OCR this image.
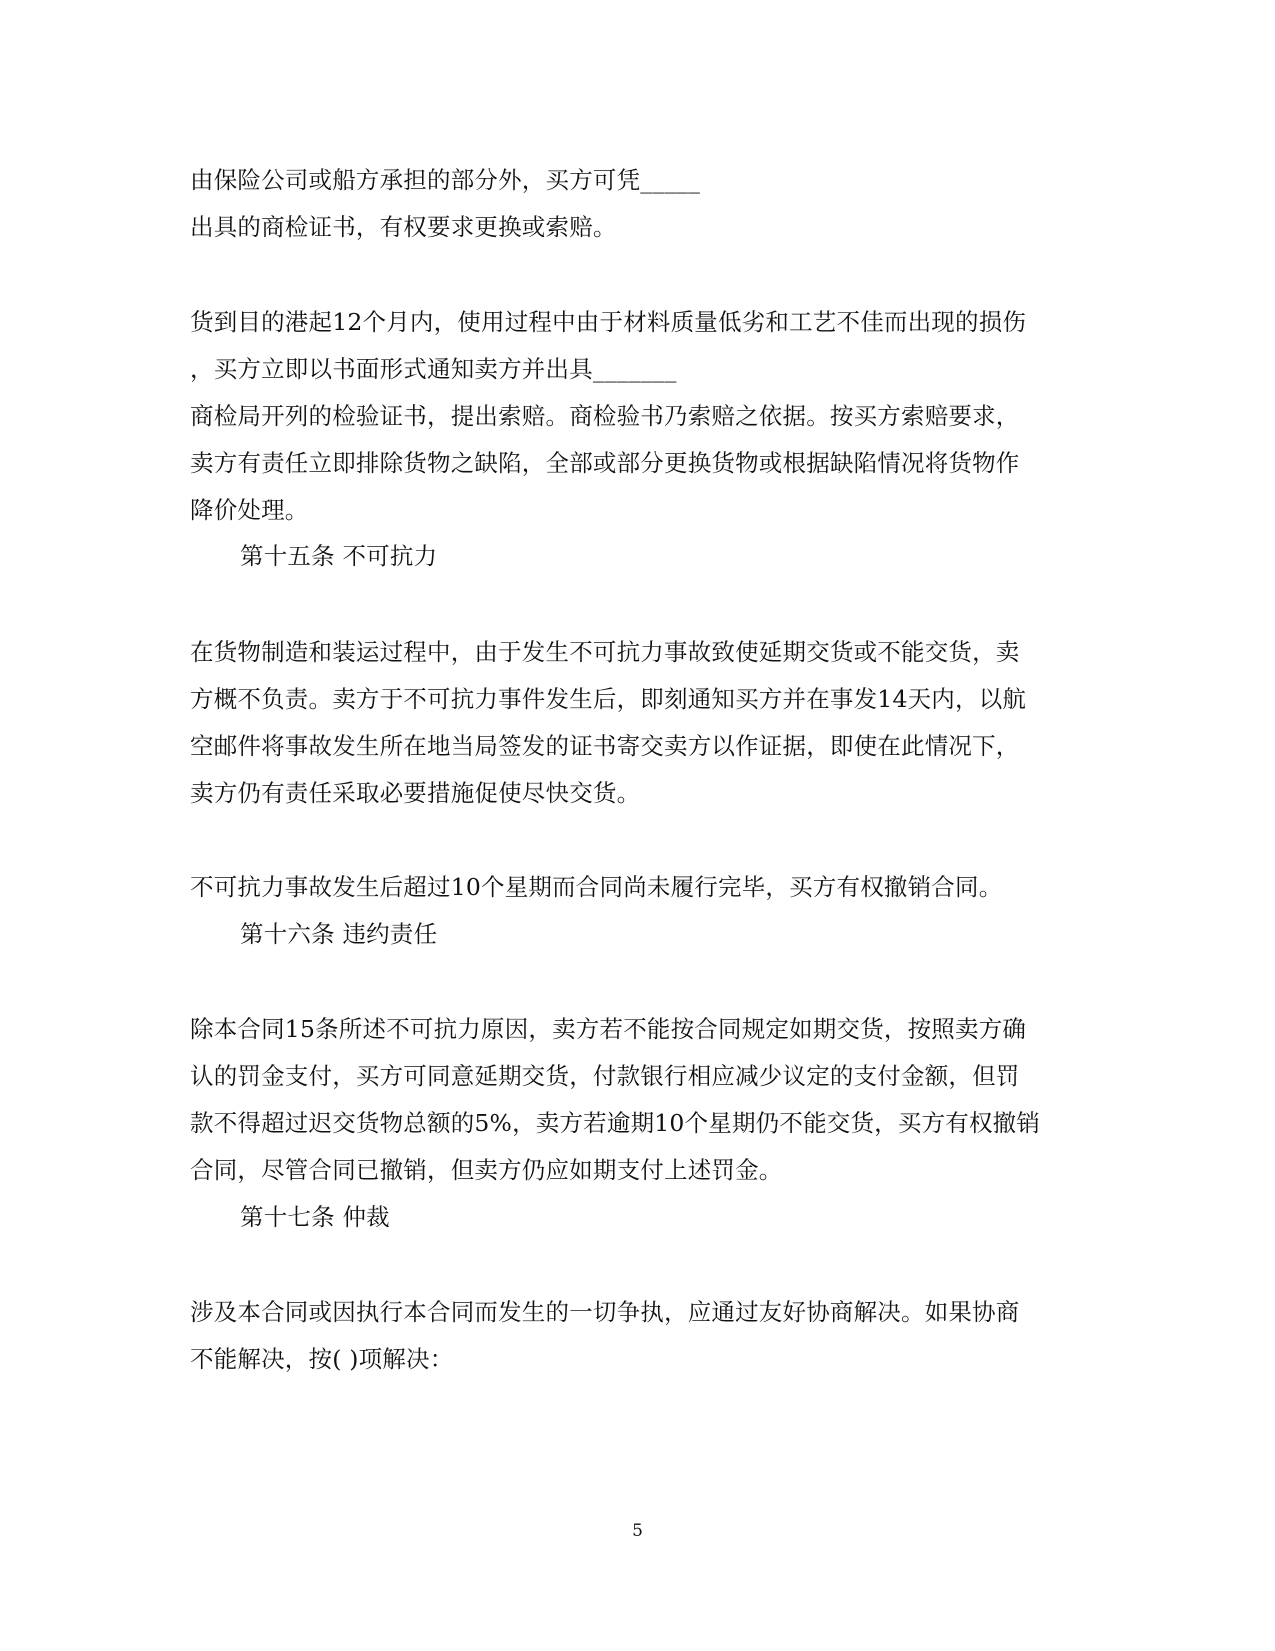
由保险公司或船方承担的部分外，买方可凭_____
出具的商检证书，有权要求更换或索赔。
货到目的港起12个月内，使用过程中由于材料质量低劣和工艺不佳而出现的损伤
，买方立即以书面形式通知卖方并出具_______
商检局开列的检验证书，提出索赔。商检验书乃索赔之依据。按买方索赔要求，
卖方有责任立即排除货物之缺陷，全部或部分更换货物或根据缺陷情况将货物作
降价处理。
第十五条 不可抗力
在货物制造和装运过程中，由于发生不可抗力事故致使延期交货或不能交货，卖
方概不负责。卖方于不可抗力事件发生后，即刻通知买方并在事发14天内，以航
空邮件将事故发生所在地当局签发的证书寄交卖方以作证据，即使在此情况下，
卖方仍有责任采取必要措施促使尽快交货。
不可抗力事故发生后超过10个星期而合同尚未履行完毕，买方有权撤销合同。
第十六条 违约责任
除本合同15条所述不可抗力原因，卖方若不能按合同规定如期交货，按照卖方确
认的罚金支付，买方可同意延期交货，付款银行相应减少议定的支付金额，但罚
款不得超过迟交货物总额的5%，卖方若逾期10个星期仍不能交货，买方有权撤销
合同，尽管合同已撤销，但卖方仍应如期支付上述罚金。
第十七条 仲裁
涉及本合同或因执行本合同而发生的一切争执，应通过友好协商解决。如果协商
不能解决，按( )项解决：
5
